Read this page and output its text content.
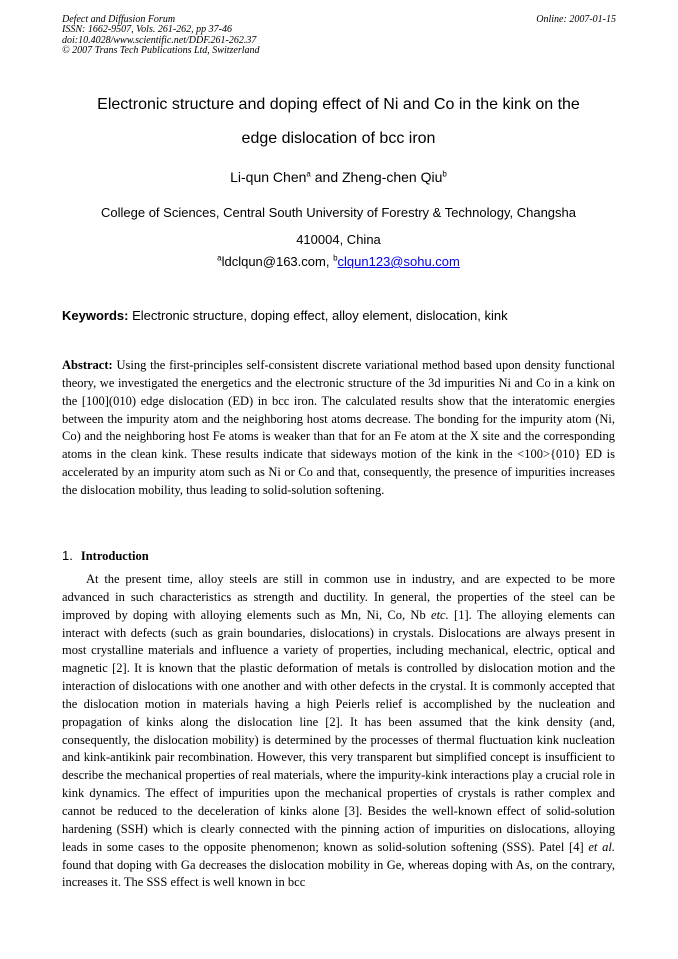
Defect and Diffusion Forum
ISSN: 1662-9507, Vols. 261-262, pp 37-46
doi:10.4028/www.scientific.net/DDF.261-262.37
© 2007 Trans Tech Publications Ltd, Switzerland
Online: 2007-01-15
Electronic structure and doping effect of Ni and Co in the kink on the
edge dislocation of bcc iron
Li-qun Chen$^a$ and Zheng-chen Qiu$^b$
College of Sciences, Central South University of Forestry & Technology, Changsha
410004, China
$^a$ldclqun@163.com, $^b$clqun123@sohu.com
Keywords: Electronic structure, doping effect, alloy element, dislocation, kink
Abstract: Using the first-principles self-consistent discrete variational method based upon density functional theory, we investigated the energetics and the electronic structure of the 3d impurities Ni and Co in a kink on the [100](010) edge dislocation (ED) in bcc iron. The calculated results show that the interatomic energies between the impurity atom and the neighboring host atoms decrease. The bonding for the impurity atom (Ni, Co) and the neighboring host Fe atoms is weaker than that for an Fe atom at the X site and the corresponding atoms in the clean kink. These results indicate that sideways motion of the kink in the <100>{010} ED is accelerated by an impurity atom such as Ni or Co and that, consequently, the presence of impurities increases the dislocation mobility, thus leading to solid-solution softening.
1. Introduction

At the present time, alloy steels are still in common use in industry, and are expected to be more advanced in such characteristics as strength and ductility. In general, the properties of the steel can be improved by doping with alloying elements such as Mn, Ni, Co, Nb etc. [1]. The alloying elements can interact with defects (such as grain boundaries, dislocations) in crystals. Dislocations are always present in most crystalline materials and influence a variety of properties, including mechanical, electric, optical and magnetic [2]. It is known that the plastic deformation of metals is controlled by dislocation motion and the interaction of dislocations with one another and with other defects in the crystal. It is commonly accepted that the dislocation motion in materials having a high Peierls relief is accomplished by the nucleation and propagation of kinks along the dislocation line [2]. It has been assumed that the kink density (and, consequently, the dislocation mobility) is determined by the processes of thermal fluctuation kink nucleation and kink-antikink pair recombination. However, this very transparent but simplified concept is insufficient to describe the mechanical properties of real materials, where the impurity-kink interactions play a crucial role in kink dynamics. The effect of impurities upon the mechanical properties of crystals is rather complex and cannot be reduced to the deceleration of kinks alone [3]. Besides the well-known effect of solid-solution hardening (SSH) which is clearly connected with the pinning action of impurities on dislocations, alloying leads in some cases to the opposite phenomenon; known as solid-solution softening (SSS). Patel [4] et al. found that doping with Ga decreases the dislocation mobility in Ge, whereas doping with As, on the contrary, increases it. The SSS effect is well known in bcc
